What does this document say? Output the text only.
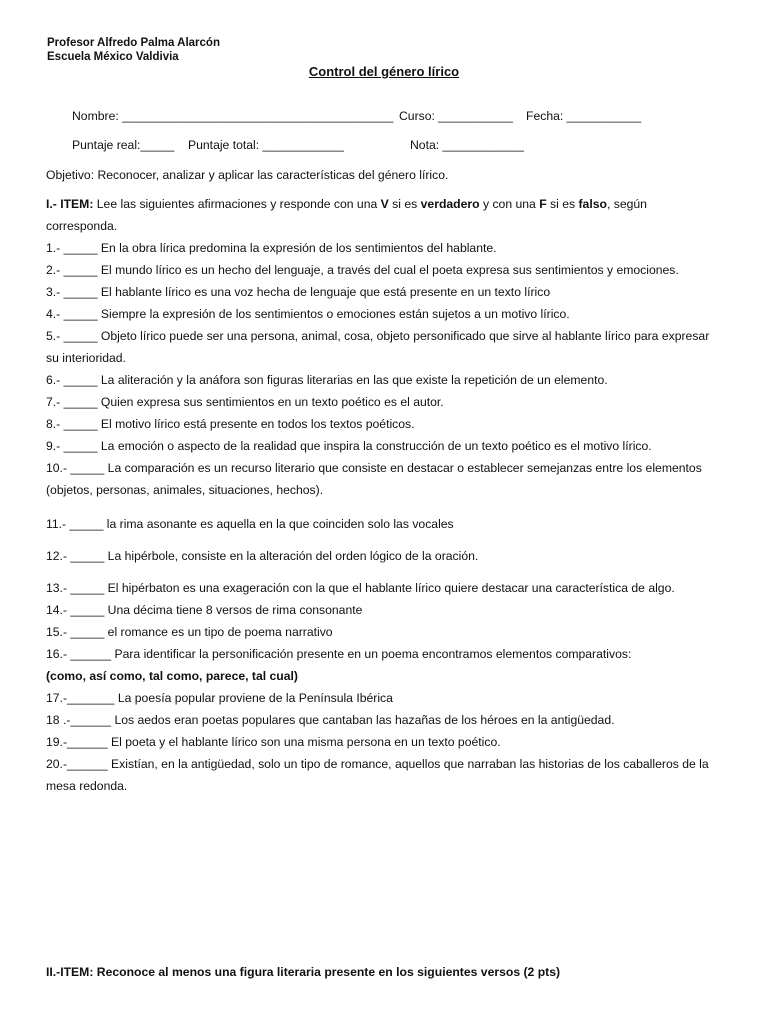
Profesor Alfredo Palma Alarcón
Escuela México Valdivia
Control del género lírico
Nombre: ________________________________________ Curso: ___________ Fecha: ___________
Puntaje real:_____ Puntaje total: ____________	Nota: ____________
Objetivo: Reconocer, analizar y aplicar las características del género lírico.
I.- ITEM: Lee las siguientes afirmaciones y responde con una V si es verdadero y con una F si es falso, según corresponda.
1.- _____ En la obra lírica predomina la expresión de los sentimientos del hablante.
2.- _____ El mundo lírico es un hecho del lenguaje, a través del cual el poeta expresa sus sentimientos y emociones.
3.- _____ El hablante lírico es una voz hecha de lenguaje que está presente en un texto lírico
4.- _____ Siempre la expresión de los sentimientos o emociones están sujetos a un motivo lírico.
5.- _____ Objeto lírico puede ser una persona, animal, cosa, objeto personificado que sirve al hablante lírico para expresar su interioridad.
6.- _____ La aliteración y la anáfora son figuras literarias en las que existe la repetición de un elemento.
7.- _____ Quien expresa sus sentimientos en un texto poético es el autor.
8.- _____ El motivo lírico está presente en todos los textos poéticos.
9.- _____ La emoción o aspecto de la realidad que inspira la construcción de un texto poético es el motivo lírico.
10.- _____ La comparación es un recurso literario que consiste en destacar o establecer semejanzas entre los elementos (objetos, personas, animales, situaciones, hechos).
11.- _____ la rima asonante es aquella en la que coinciden solo las vocales
12.- _____ La hipérbole, consiste en la alteración del orden lógico de la oración.
13.- _____ El hipérbaton es una exageración con la que el hablante lírico quiere destacar una característica de algo.
14.- _____ Una décima tiene 8 versos de rima consonante
15.- _____ el romance es un tipo de poema narrativo
16.- ______ Para identificar la personificación presente en un poema encontramos elementos comparativos:
(como, así como, tal como, parece, tal cual)
17.-_______ La poesía popular proviene de la Península Ibérica
18 .-______ Los aedos eran poetas populares que cantaban las hazañas de los héroes en la antigüedad.
19.-______ El poeta y el hablante lírico son una misma persona en un texto poético.
20.-______ Existían, en la antigüedad, solo un tipo de romance, aquellos que narraban las historias de los caballeros de la mesa redonda.
II.-ITEM: Reconoce al menos una figura literaria presente en los siguientes versos (2 pts)
